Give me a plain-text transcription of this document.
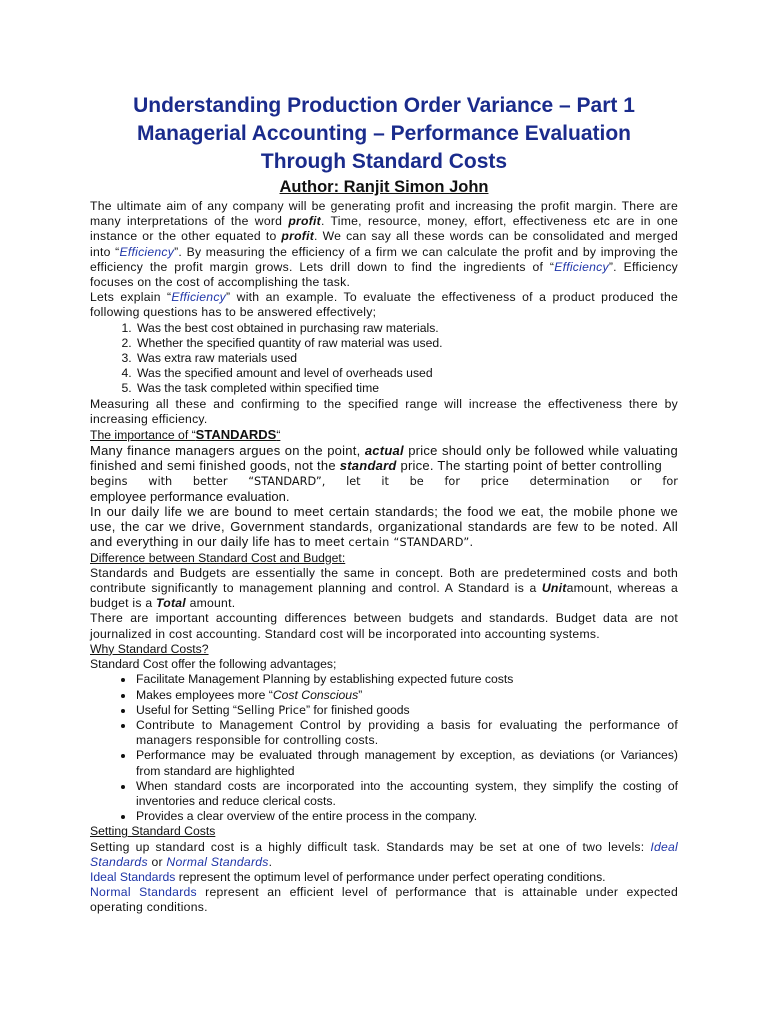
Understanding Production Order Variance – Part 1
Managerial Accounting – Performance Evaluation
Through Standard Costs
Author: Ranjit Simon John

The ultimate aim of any company will be generating profit and increasing the profit margin. There are many interpretations of the word profit. Time, resource, money, effort, effectiveness etc are in one instance or the other equated to profit. We can say all these words can be consolidated and merged into “Efficiency”. By measuring the efficiency of a firm we can calculate the profit and by improving the efficiency the profit margin grows. Lets drill down to find the ingredients of “Efficiency”. Efficiency focuses on the cost of accomplishing the task.

Lets explain “Efficiency” with an example. To evaluate the effectiveness of a product produced the following questions has to be answered effectively;

1. Was the best cost obtained in purchasing raw materials.
2. Whether the specified quantity of raw material was used.
3. Was extra raw materials used
4. Was the specified amount and level of overheads used
5. Was the task completed within specified time

Measuring all these and confirming to the specified range will increase the effectiveness there by increasing efficiency.

The importance of “STANDARDS“

Many finance managers argues on the point, actual price should only be followed while valuating finished and semi finished goods, not the standard price. The starting point of better controlling

begins with better “STANDARD”, let it be for price determination or for

employee performance evaluation.

In our daily life we are bound to meet certain standards; the food we eat, the mobile phone we use, the car we drive, Government standards, organizational standards are few to be noted. All and everything in our daily life has to meet certain “STANDARD”.

Difference between Standard Cost and Budget:

Standards and Budgets are essentially the same in concept. Both are predetermined costs and both contribute significantly to management planning and control. A Standard is a Unitamount, whereas a budget is a Total amount.

There are important accounting differences between budgets and standards. Budget data are not journalized in cost accounting. Standard cost will be incorporated into accounting systems.

Why Standard Costs?

Standard Cost offer the following advantages;

• Facilitate Management Planning by establishing expected future costs
• Makes employees more “Cost Conscious”
• Useful for Setting “Selling Price” for finished goods
• Contribute to Management Control by providing a basis for evaluating the performance of managers responsible for controlling costs.
• Performance may be evaluated through management by exception, as deviations (or Variances) from standard are highlighted
• When standard costs are incorporated into the accounting system, they simplify the costing of inventories and reduce clerical costs.
• Provides a clear overview of the entire process in the company.

Setting Standard Costs

Setting up standard cost is a highly difficult task. Standards may be set at one of two levels: Ideal Standards or Normal Standards.

Ideal Standards represent the optimum level of performance under perfect operating conditions.

Normal Standards represent an efficient level of performance that is attainable under expected operating conditions.
